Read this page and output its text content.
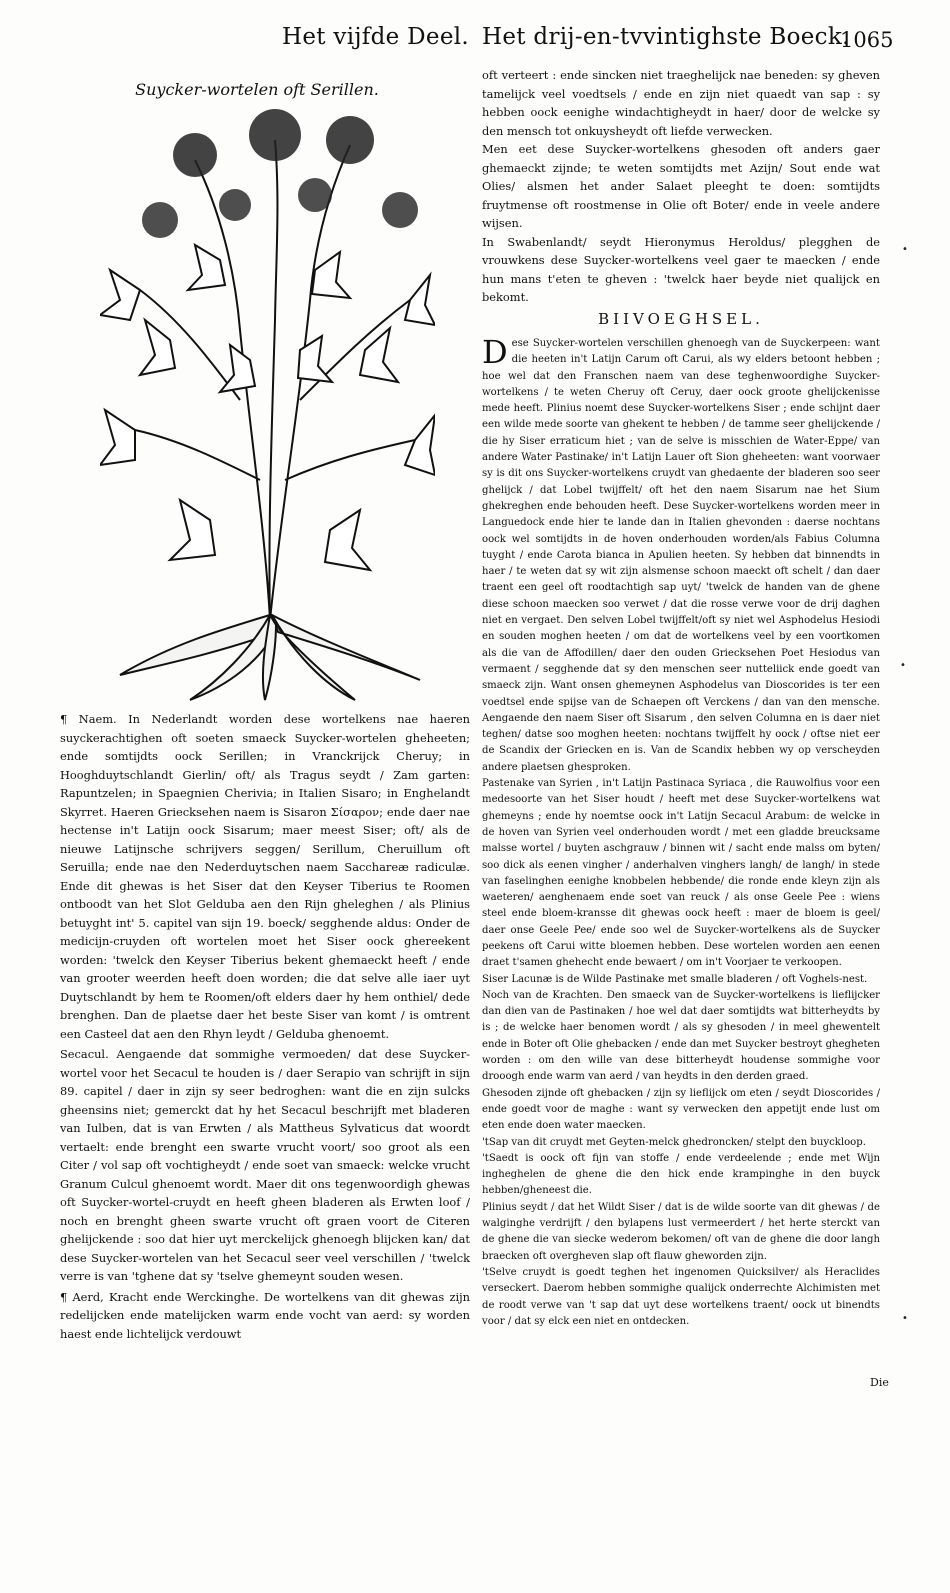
Het vijfde Deel. Het drij-en-tvvintighste Boeck.
1065
Suycker-wortelen oft Serillen.

¶ Naem. In Nederlandt worden dese wortelkens nae haeren suyckerachtighen oft soeten smaeck Suycker-wortelen gheheeten; ende somtijdts oock Serillen; in Vranckrijck Cheruy; in Hooghduytschlandt Gierlin/ oft/ als Tragus seydt / Zam garten: Rapuntzelen; in Spaegnien Cherivia; in Italien Sisaro; in Enghelandt Skyrret. Haeren Griecksehen naem is Sisaron Σίσαρον; ende daer nae hectense in't Latijn oock Sisarum; maer meest Siser; oft/ als de nieuwe Latijnsche schrijvers seggen/ Serillum, Cheruillum oft Seruilla; ende nae den Nederduytschen naem Sacchareæ radiculæ. Ende dit ghewas is het Siser dat den Keyser Tiberius te Roomen ontboodt van het Slot Gelduba aen den Rijn gheleghen / als Plinius betuyght int' 5. capitel van sijn 19. boeck/ segghende aldus: Onder de medicijn-cruyden oft wortelen moet het Siser oock ghereekent worden: 'twelck den Keyser Tiberius bekent ghemaeckt heeft / ende van grooter weerden heeft doen worden; die dat selve alle iaer uyt Duytschlandt by hem te Roomen/oft elders daer hy hem onthiel/ dede brenghen. Dan de plaetse daer het beste Siser van komt / is omtrent een Casteel dat aen den Rhyn leydt / Gelduba ghenoemt.

Secacul. Aengaende dat sommighe vermoeden/ dat dese Suycker-wortel voor het Secacul te houden is / daer Serapio van schrijft in sijn 89. capitel / daer in zijn sy seer bedroghen: want die en zijn sulcks gheensins niet; gemerckt dat hy het Secacul beschrijft met bladeren van Iulben, dat is van Erwten / als Mattheus Sylvaticus dat woordt vertaelt: ende brenght een swarte vrucht voort/ soo groot als een Citer / vol sap oft vochtigheydt / ende soet van smaeck: welcke vrucht Granum Culcul ghenoemt wordt. Maer dit ons tegenwoordigh ghewas oft Suycker-wortel-cruydt en heeft gheen bladeren als Erwten loof / noch en brenght gheen swarte vrucht oft graen voort de Citeren ghelijckende : soo dat hier uyt merckelijck ghenoegh blijcken kan/ dat dese Suycker-wortelen van het Secacul seer veel verschillen / 'twelck verre is van 'tghene dat sy 'tselve ghemeynt souden wesen.

¶ Aerd, Kracht ende Werckinghe. De wortelkens van dit ghewas zijn redelijcken ende matelijcken warm ende vocht van aerd: sy worden haest ende lichtelijck verdouwt

oft verteert : ende sincken niet traeghelijck nae beneden: sy gheven tamelijck veel voedtsels / ende en zijn niet quaedt van sap : sy hebben oock eenighe windachtigheydt in haer/ door de welcke sy den mensch tot onkuysheydt oft liefde verwecken.

Men eet dese Suycker-wortelkens ghesoden oft anders gaer ghemaeckt zijnde; te weten somtijdts met Azijn/ Sout ende wat Olies/ alsmen het ander Salaet pleeght te doen: somtijdts fruytmense oft roostmense in Olie oft Boter/ ende in veele andere wijsen.

In Swabenlandt/ seydt Hieronymus Heroldus/ plegghen de vrouwkens dese Suycker-wortelkens veel gaer te maecken / ende hun mans t'eten te gheven : 'twelck haer beyde niet qualijck en bekomt.

BIIVOEGHSEL.

Dese Suycker-wortelen verschillen ghenoegh van de Suyckerpeen: want die heeten in't Latijn Carum oft Carui, als wy elders betoont hebben ; hoe wel dat den Franschen naem van dese teghenwoordighe Suycker-wortelkens / te weten Cheruy oft Ceruy, daer oock groote ghelijckenisse mede heeft. Plinius noemt dese Suycker-wortelkens Siser ; ende schijnt daer een wilde mede soorte van ghekent te hebben / de tamme seer ghelijckende / die hy Siser erraticum hiet ; van de selve is misschien de Water-Eppe/ van andere Water Pastinake/ in't Latijn Lauer oft Sion gheheeten: want voorwaer sy is dit ons Suycker-wortelkens cruydt van ghedaente der bladeren soo seer ghelijck / dat Lobel twijffelt/ oft het den naem Sisarum nae het Sium ghekreghen ende behouden heeft. Dese Suycker-wortelkens worden meer in Languedock ende hier te lande dan in Italien ghevonden : daerse nochtans oock wel somtijdts in de hoven onderhouden worden/als Fabius Columna tuyght / ende Carota bianca in Apulien heeten. Sy hebben dat binnendts in haer / te weten dat sy wit zijn alsmense schoon maeckt oft schelt / dan daer traent een geel oft roodtachtigh sap uyt/ 'twelck de handen van de ghene diese schoon maecken soo verwet / dat die rosse verwe voor de drij daghen niet en vergaet. Den selven Lobel twijffelt/oft sy niet wel Asphodelus Hesiodi en souden moghen heeten / om dat de wortelkens veel by een voortkomen als die van de Affodillen/ daer den ouden Griecksehen Poet Hesiodus van vermaent / segghende dat sy den menschen seer nutteliick ende goedt van smaeck zijn. Want onsen ghemeynen Asphodelus van Dioscorides is ter een voedtsel ende spijse van de Schaepen oft Verckens / dan van den mensche. Aengaende den naem Siser oft Sisarum , den selven Columna en is daer niet teghen/ datse soo moghen heeten: nochtans twijffelt hy oock / oftse niet eer de Scandix der Griecken en is. Van de Scandix hebben wy op verscheyden andere plaetsen ghesproken.

Pastenake van Syrien , in't Latijn Pastinaca Syriaca , die Rauwolfius voor een medesoorte van het Siser houdt / heeft met dese Suycker-wortelkens wat ghemeyns ; ende hy noemtse oock in't Latijn Secacul Arabum: de welcke in de hoven van Syrien veel onderhouden wordt / met een gladde breucksame malsse wortel / buyten aschgrauw / binnen wit / sacht ende malss om byten/ soo dick als eenen vingher / anderhalven vinghers langh/ de langh/ in stede van faselinghen eenighe knobbelen hebbende/ die ronde ende kleyn zijn als waeteren/ aenghenaem ende soet van reuck / als onse Geele Pee : wiens steel ende bloem-kransse dit ghewas oock heeft : maer de bloem is geel/ daer onse Geele Pee/ ende soo wel de Suycker-wortelkens als de Suycker peekens oft Carui witte bloemen hebben. Dese wortelen worden aen eenen draet t'samen ghehecht ende bewaert / om in't Voorjaer te verkoopen.

Siser Lacunæ is de Wilde Pastinake met smalle bladeren / oft Voghels-nest.

Noch van de Krachten. Den smaeck van de Suycker-wortelkens is lieflijcker dan dien van de Pastinaken / hoe wel dat daer somtijdts wat bitterheydts by is ; de welcke haer benomen wordt / als sy ghesoden / in meel ghewentelt ende in Boter oft Olie ghebacken / ende dan met Suycker bestroyt ghegheten worden : om den wille van dese bitterheydt houdense sommighe voor drooogh ende warm van aerd / van heydts in den derden graed.

Ghesoden zijnde oft ghebacken / zijn sy lieflijck om eten / seydt Dioscorides / ende goedt voor de maghe : want sy verwecken den appetijt ende lust om eten ende doen water maecken.

'tSap van dit cruydt met Geyten-melck ghedroncken/ stelpt den buyckloop.

'tSaedt is oock oft fijn van stoffe / ende verdeelende ; ende met Wijn ingheghelen de ghene die den hick ende krampinghe in den buyck hebben/gheneest die.

Plinius seydt / dat het Wildt Siser / dat is de wilde soorte van dit ghewas / de walginghe verdrijft / den bylapens lust vermeerdert / het herte sterckt van de ghene die van siecke wederom bekomen/ oft van de ghene die door langh braecken oft overgheven slap oft flauw gheworden zijn.

'tSelve cruydt is goedt teghen het ingenomen Quicksilver/ als Heraclides verseckert. Daerom hebben sommighe qualijck onderrechte Alchimisten met de roodt verwe van 't sap dat uyt dese wortelkens traent/ oock ut binendts voor / dat sy elck een niet en ontdecken.

Die
•
•
•
